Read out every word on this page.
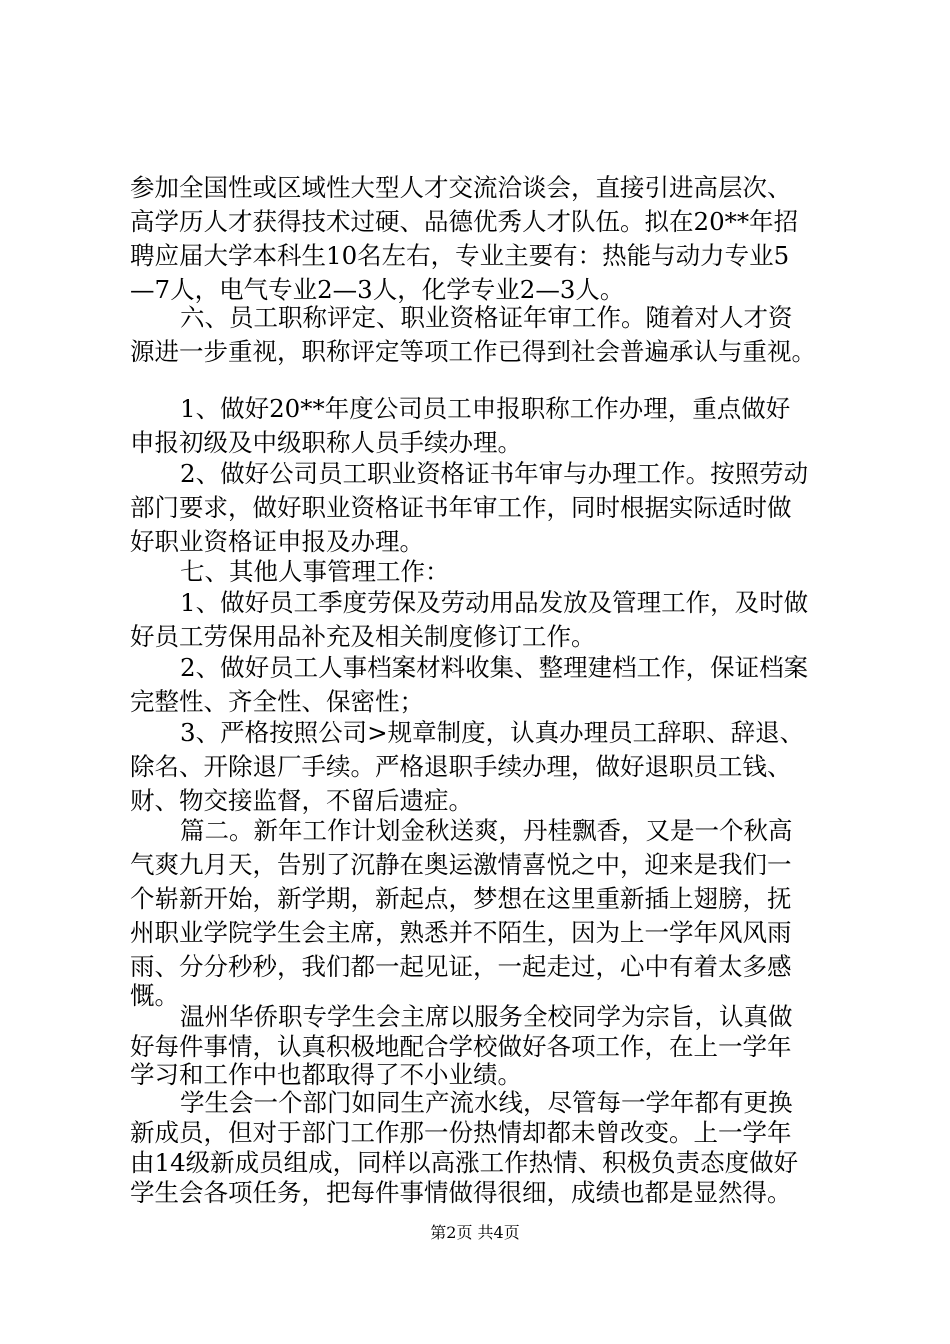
参加全国性或区域性大型人才交流洽谈会，直接引进高层次、
高学历人才获得技术过硬、品德优秀人才队伍。拟在20**年招
聘应届大学本科生10名左右，专业主要有：热能与动力专业5
—7人，电气专业2—3人，化学专业2—3人。
六、员工职称评定、职业资格证年审工作。随着对人才资
源进一步重视，职称评定等项工作已得到社会普遍承认与重视。
1、做好20**年度公司员工申报职称工作办理，重点做好
申报初级及中级职称人员手续办理。
2、做好公司员工职业资格证书年审与办理工作。按照劳动
部门要求，做好职业资格证书年审工作，同时根据实际适时做
好职业资格证申报及办理。
七、其他人事管理工作：
1、做好员工季度劳保及劳动用品发放及管理工作，及时做
好员工劳保用品补充及相关制度修订工作。
2、做好员工人事档案材料收集、整理建档工作，保证档案
完整性、齐全性、保密性；
3、严格按照公司>规章制度，认真办理员工辞职、辞退、
除名、开除退厂手续。严格退职手续办理，做好退职员工钱、
财、物交接监督，不留后遗症。
篇二。新年工作计划金秋送爽，丹桂飘香，又是一个秋高
气爽九月天，告别了沉静在奥运激情喜悦之中，迎来是我们一
个崭新开始，新学期，新起点，梦想在这里重新插上翅膀，抚
州职业学院学生会主席，熟悉并不陌生，因为上一学年风风雨
雨、分分秒秒，我们都一起见证，一起走过，心中有着太多感
慨。
温州华侨职专学生会主席以服务全校同学为宗旨，认真做
好每件事情，认真积极地配合学校做好各项工作，在上一学年
学习和工作中也都取得了不小业绩。
学生会一个部门如同生产流水线，尽管每一学年都有更换
新成员，但对于部门工作那一份热情却都未曾改变。上一学年
由14级新成员组成，同样以高涨工作热情、积极负责态度做好
学生会各项任务，把每件事情做得很细，成绩也都是显然得。
第2页 共4页
